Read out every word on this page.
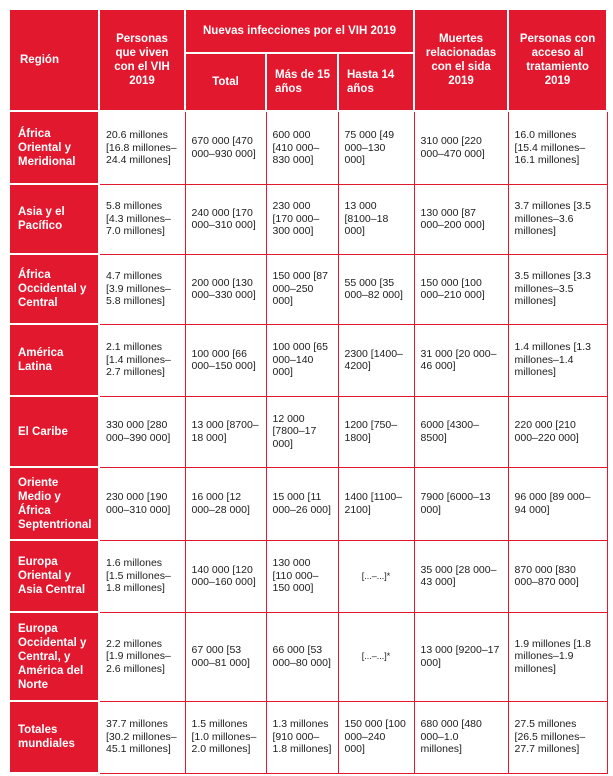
Región	Personas que viven con el VIH 2019	Nuevas infecciones por el VIH 2019			Muertes relacionadas con el sida 2019	Personas con acceso al tratamiento 2019
		Total	Más de 15 años	Hasta 14 años		
África Oriental y Meridional	20.6 millones [16.8 millones–24.4 millones]	670 000 [470 000–930 000]	600 000 [410 000–830 000]	75 000 [49 000–130 000]	310 000 [220 000–470 000]	16.0 millones [15.4 millones–16.1 millones]
Asia y el Pacífico	5.8 millones [4.3 millones–7.0 millones]	240 000 [170 000–310 000]	230 000 [170 000–300 000]	13 000 [8100–18 000]	130 000 [87 000–200 000]	3.7 millones [3.5 millones–3.6 millones]
África Occidental y Central	4.7 millones [3.9 millones–5.8 millones]	200 000 [130 000–330 000]	150 000 [87 000–250 000]	55 000 [35 000–82 000]	150 000 [100 000–210 000]	3.5 millones [3.3 millones–3.5 millones]
América Latina	2.1 millones [1.4 millones–2.7 millones]	100 000 [66 000–150 000]	100 000 [65 000–140 000]	2300 [1400–4200]	31 000 [20 000– 46 000]	1.4 millones [1.3 millones–1.4 millones]
El Caribe	330 000 [280 000–390 000]	13 000 [8700–18 000]	12 000 [7800–17 000]	1200 [750–1800]	6000 [4300–8500]	220 000 [210 000–220 000]
Oriente Medio y África Septentrional	230 000 [190 000–310 000]	16 000 [12 000–28 000]	15 000 [11 000–26 000]	1400 [1100–2100]	7900 [6000–13 000]	96 000 [89 000–94 000]
Europa Oriental y Asia Central	1.6 millones [1.5 millones–1.8 millones]	140 000 [120 000–160 000]	130 000 [110 000–150 000]	[...–...]*	35 000 [28 000–43 000]	870 000 [830 000–870 000]
Europa Occidental y Central, y América del Norte	2.2 millones [1.9 millones–2.6 millones]	67 000 [53 000–81 000]	66 000 [53 000–80 000]	[...–...]*	13 000 [9200–17 000]	1.9 millones [1.8 millones–1.9 millones]
Totales mundiales	37.7 millones [30.2 millones–45.1 millones]	1.5 millones [1.0 millones–2.0 millones]	1.3 millones [910 000–1.8 millones]	150 000 [100 000–240 000]	680 000 [480 000–1.0 millones]	27.5 millones [26.5 millones–27.7 millones]
